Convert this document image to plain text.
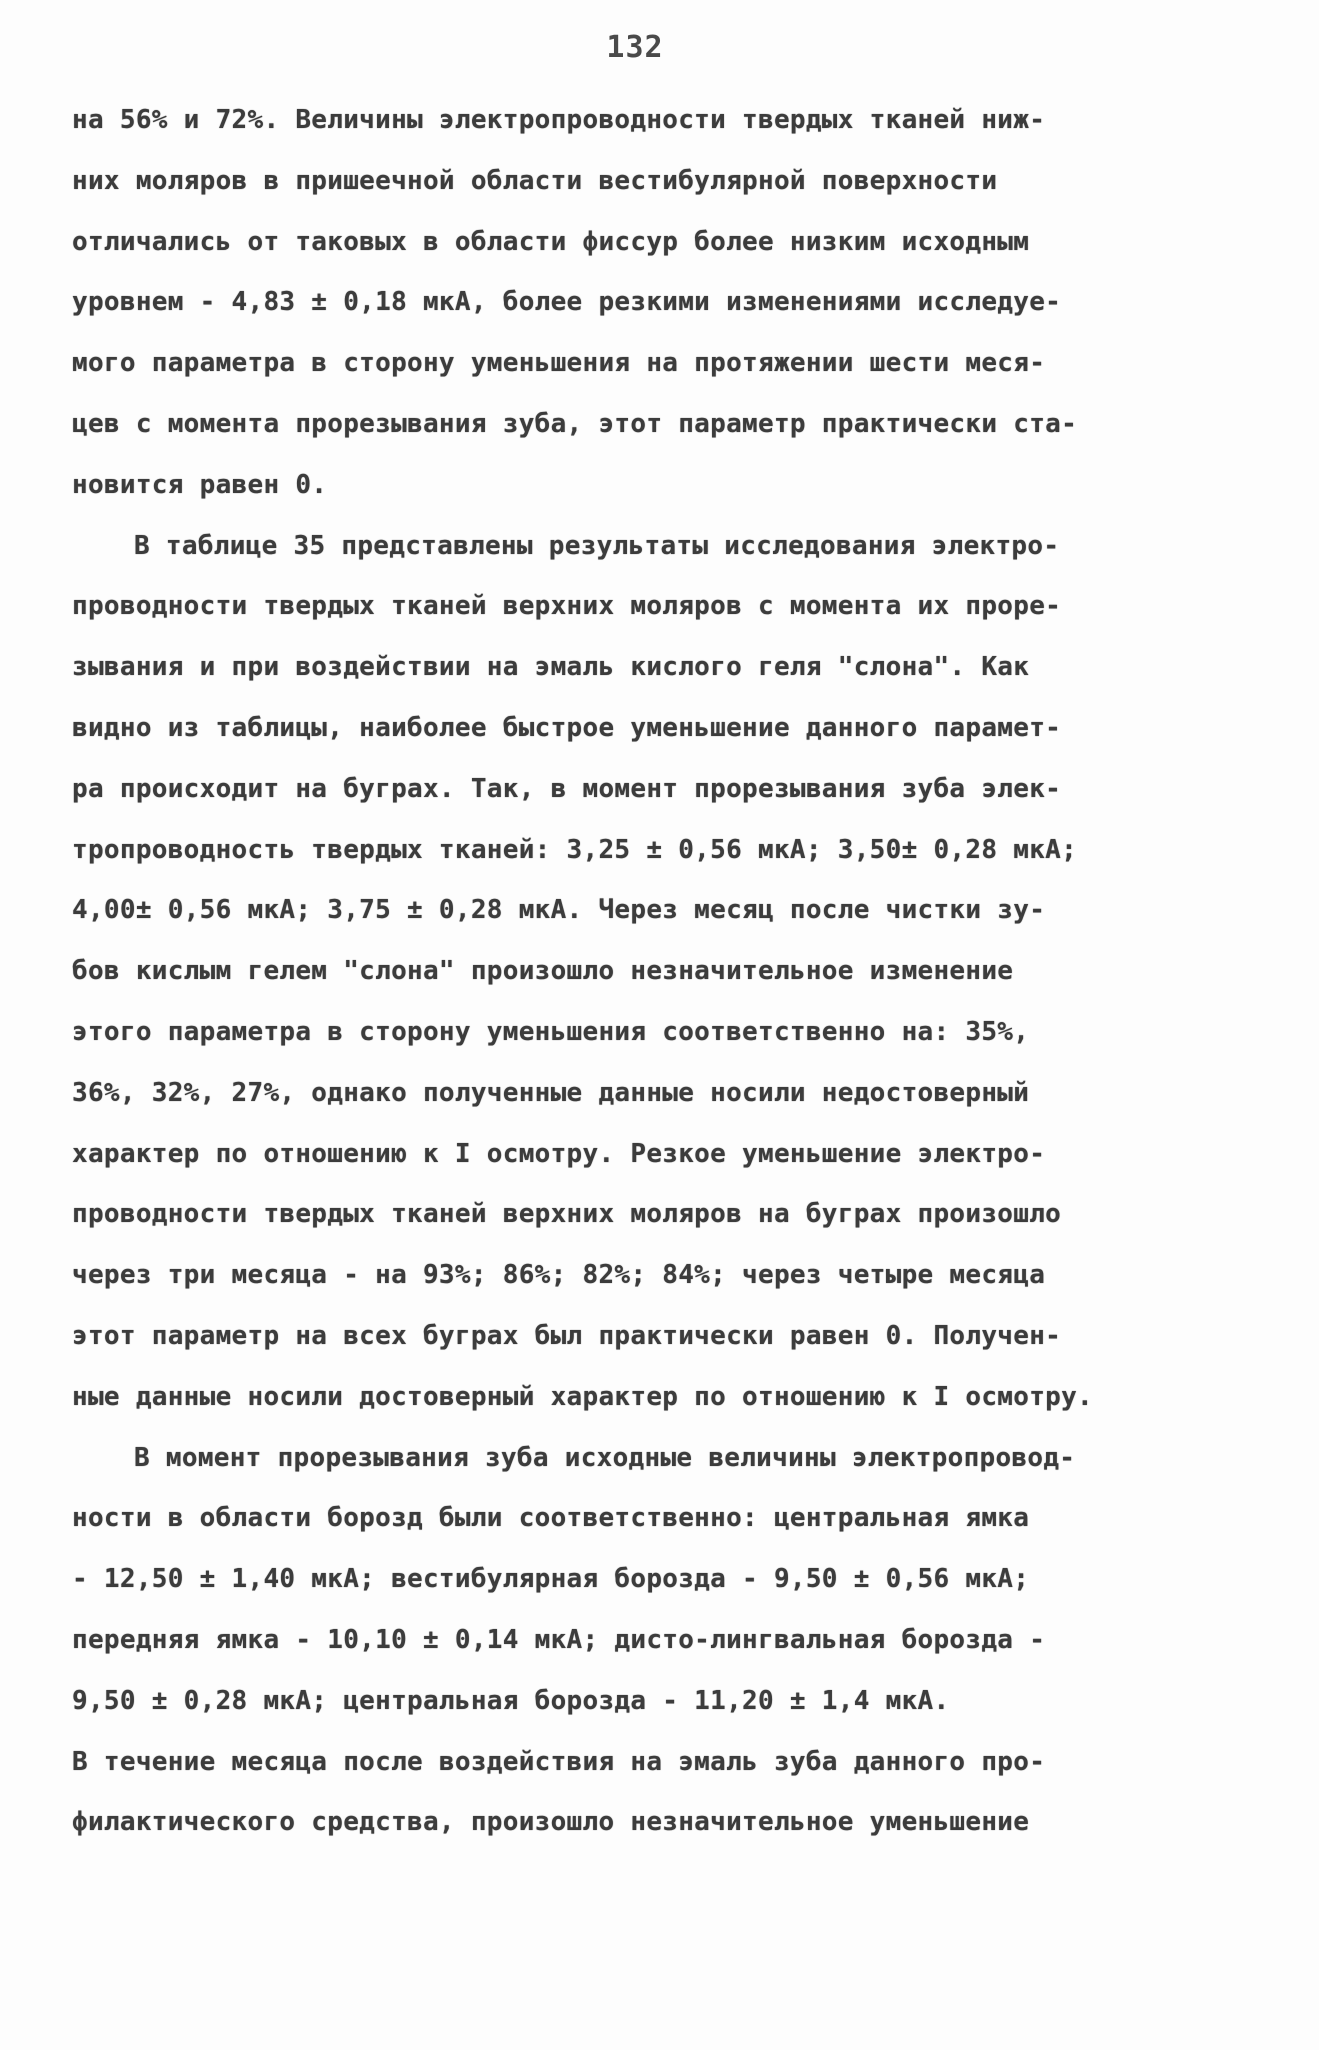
132
на 56% и 72%. Величины электропроводности твердых тканей ниж-
них моляров в пришеечной области вестибулярной поверхности
отличались от таковых в области фиссур более низким исходным
уровнем - 4,83 ± 0,18 мкА, более резкими изменениями исследуе-
мого параметра в сторону уменьшения на протяжении шести меся-
цев с момента прорезывания зуба, этот параметр практически ста-
новится равен 0.
В таблице 35 представлены результаты исследования электро-
проводности твердых тканей верхних моляров с момента их проре-
зывания и при воздействии на эмаль кислого геля "слона". Как
видно из таблицы, наиболее быстрое уменьшение данного парамет-
ра происходит на буграх. Так, в момент прорезывания зуба элек-
тропроводность твердых тканей: 3,25 ± 0,56 мкА; 3,50± 0,28 мкА;
4,00± 0,56 мкА; 3,75 ± 0,28 мкА. Через месяц после чистки зу-
бов кислым гелем "слона" произошло незначительное изменение
этого параметра в сторону уменьшения соответственно на: 35%,
36%, 32%, 27%, однако полученные данные носили недостоверный
характер по отношению к I осмотру. Резкое уменьшение электро-
проводности твердых тканей верхних моляров на буграх произошло
через три месяца - на 93%; 86%; 82%; 84%; через четыре месяца
этот параметр на всех буграх был практически равен 0. Получен-
ные данные носили достоверный характер по отношению к I осмотру.
В момент прорезывания зуба исходные величины электропровод-
ности в области борозд были соответственно: центральная ямка
- 12,50 ± 1,40 мкА; вестибулярная борозда - 9,50 ± 0,56 мкА;
передняя ямка - 10,10 ± 0,14 мкА; дисто-лингвальная борозда -
9,50 ± 0,28 мкА; центральная борозда - 11,20 ± 1,4 мкА.
В течение месяца после воздействия на эмаль зуба данного про-
филактического средства, произошло незначительное уменьшение
